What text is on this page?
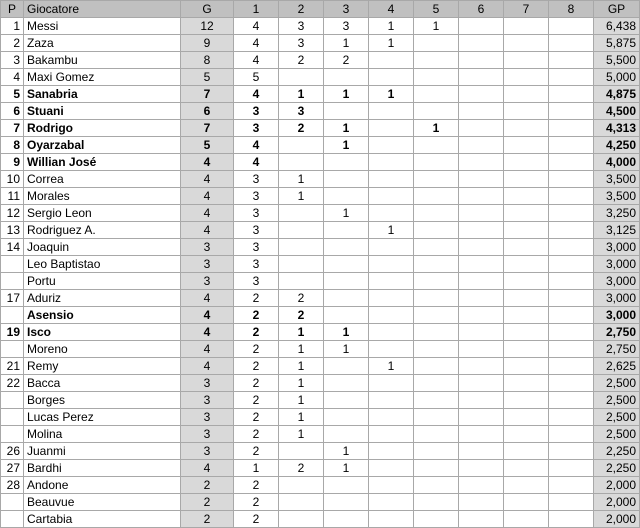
P	Giocatore	G	1	2	3	4	5	6	7	8	GP
1	Messi	12	4	3	3	1	1				6,438
2	Zaza	9	4	3	1	1					5,875
3	Bakambu	8	4	2	2						5,500
4	Maxi Gomez	5	5								5,000
5	Sanabria	7	4	1	1	1					4,875
6	Stuani	6	3	3							4,500
7	Rodrigo	7	3	2	1		1				4,313
8	Oyarzabal	5	4		1						4,250
9	Willian José	4	4								4,000
10	Correa	4	3	1							3,500
11	Morales	4	3	1							3,500
12	Sergio Leon	4	3		1						3,250
13	Rodriguez A.	4	3			1					3,125
14	Joaquin	3	3								3,000
	Leo Baptistao	3	3								3,000
	Portu	3	3								3,000
17	Aduriz	4	2	2							3,000
	Asensio	4	2	2							3,000
19	Isco	4	2	1	1						2,750
	Moreno	4	2	1	1						2,750
21	Remy	4	2	1		1					2,625
22	Bacca	3	2	1							2,500
	Borges	3	2	1							2,500
	Lucas Perez	3	2	1							2,500
	Molina	3	2	1							2,500
26	Juanmi	3	2		1						2,250
27	Bardhi	4	1	2	1						2,250
28	Andone	2	2								2,000
	Beauvue	2	2								2,000
	Cartabia	2	2								2,000
